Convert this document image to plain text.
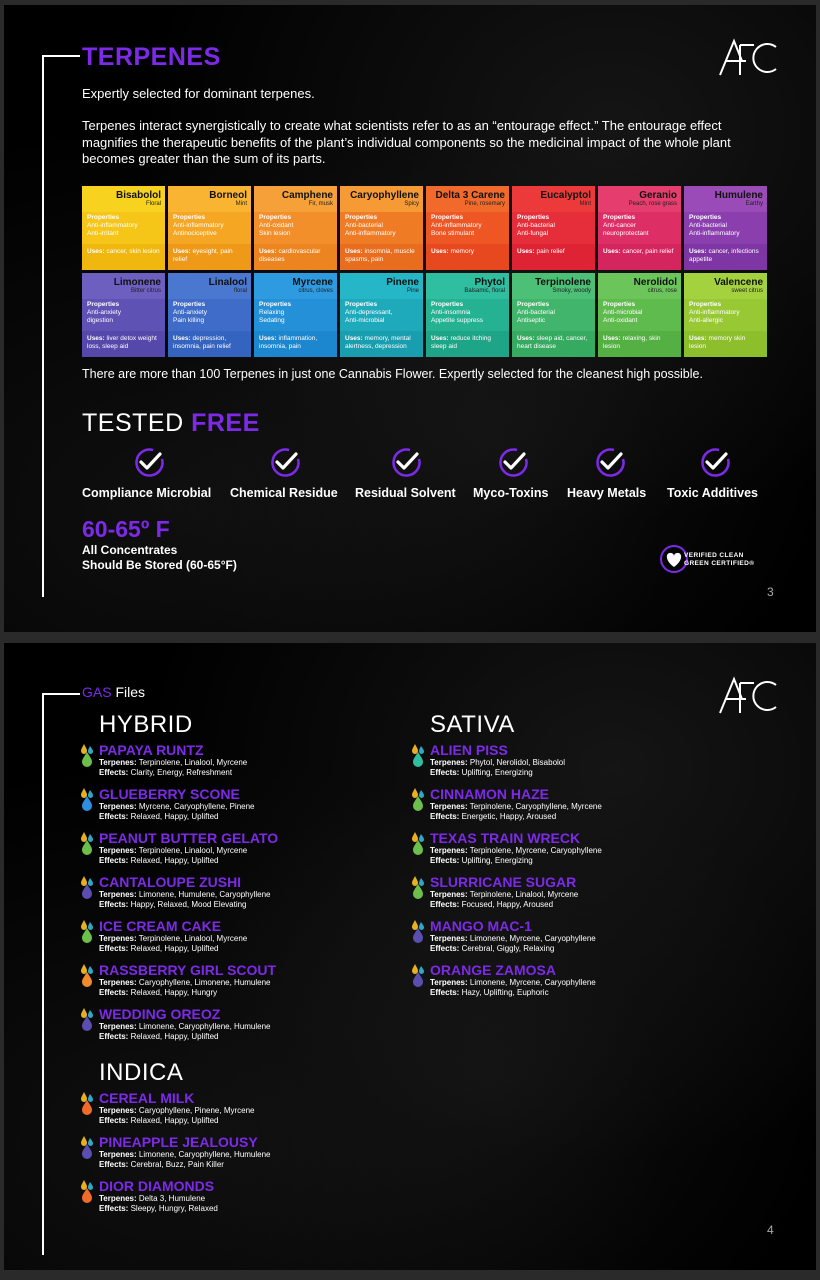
TERPENES
Expertly selected for dominant terpenes.
Terpenes interact synergistically to create what scientists refer to as an “entourage effect.” The entourage effect magnifies the therapeutic benefits of the plant’s individual components so the medicinal impact of the whole plant becomes greater than the sum of its parts.
Bisabolol
Floral
Properties
Anti-inflammatory
Anti-irritant
Uses: cancer, skin lesion
Borneol
Mint
Properties
Anti-inflammatory
Antinociceptive
Uses: eyesight, pain relief
Camphene
Fir, musk
Properties
Anti-oxidant
Skin lesion
Uses: cardiovascular diseases
Caryophyllene
Spicy
Properties
Anti-bacterial
Anti-inflammatory
Uses: insomnia, muscle spasms, pain
Delta 3 Carene
Pine, rosemary
Properties
Anti-inflammatory
Bone stimulant
Uses: memory
Eucalyptol
Mint
Properties
Anti-bacterial
Anti-fungal
Uses: pain relief
Geranio
Peach, rose grass
Properties
Anti-cancer
neuroprotectant
Uses: cancer, pain relief
Humulene
Earthy
Properties
Anti-bacterial
Anti-inflammatory
Uses: cancer, infections appetite
Limonene
Bitter citrus
Properties
Anti-anxiety
digestion
Uses: liver detox weight loss, sleep aid
Linalool
floral
Properties
Anti-anxiety
Pain killing
Uses: depression, insomnia, pain relief
Myrcene
citrus, cloves
Properties
Relaxing
Sedating
Uses: inflammation, insomnia, pain
Pinene
Pine
Properties
Anti-depressant,
Anti-microbial
Uses: memory, mental alertness, depression
Phytol
Balsamic, floral
Properties
Anti-insomnia
Appetite suppress
Uses: reduce itching sleep aid
Terpinolene
Smoky, woody
Properties
Anti-bacterial
Antiseptic
Uses: sleep aid, cancer, heart disease
Nerolidol
citrus, rose
Properties
Anti-microbial
Anti-oxidant
Uses: relaxing, skin lesion
Valencene
sweet citrus
Properties
Anti-inflammatory
Anti-allergic
Uses: memory skin lesion
There are more than 100 Terpenes in just one Cannabis Flower. Expertly selected for the cleanest high possible.
TESTED FREE
Compliance Microbial Chemical Residue Residual Solvent Myco-Toxins Heavy Metals Toxic Additives
60-65º F
All Concentrates
Should Be Stored (60-65°F)
VERIFIED CLEAN
GREEN CERTIFIED®
3
GAS Files
HYBRID	SATIVA
INDICA
PAPAYA RUNTZ
Terpenes: Terpinolene, Linalool, Myrcene
Effects: Clarity, Energy, Refreshment
GLUEBERRY SCONE
Terpenes: Myrcene, Caryophyllene, Pinene
Effects: Relaxed, Happy, Uplifted
PEANUT BUTTER GELATO
Terpenes: Terpinolene, Linalool, Myrcene
Effects: Relaxed, Happy, Uplifted
CANTALOUPE ZUSHI
Terpenes: Limonene, Humulene, Caryophyllene
Effects: Happy, Relaxed, Mood Elevating
ICE CREAM CAKE
Terpenes: Terpinolene, Linalool, Myrcene
Effects: Relaxed, Happy, Uplifted
RASSBERRY GIRL SCOUT
Terpenes: Caryophyllene, Limonene, Humulene
Effects: Relaxed, Happy, Hungry
WEDDING OREOZ
Terpenes: Limonene, Caryophyllene, Humulene
Effects: Relaxed, Happy, Uplifted
ALIEN PISS
Terpenes: Phytol, Nerolidol, Bisabolol
Effects: Uplifting, Energizing
CINNAMON HAZE
Terpenes: Terpinolene, Caryophyllene, Myrcene
Effects: Energetic, Happy, Aroused
TEXAS TRAIN WRECK
Terpenes: Terpinolene, Myrcene, Caryophyllene
Effects: Uplifting, Energizing
SLURRICANE SUGAR
Terpenes: Terpinolene, Linalool, Myrcene
Effects: Focused, Happy, Aroused
MANGO MAC-1
Terpenes: Limonene, Myrcene, Caryophyllene
Effects: Cerebral, Giggly, Relaxing
ORANGE ZAMOSA
Terpenes: Limonene, Myrcene, Caryophyllene
Effects: Hazy, Uplifting, Euphoric
CEREAL MILK
Terpenes: Caryophyllene, Pinene, Myrcene
Effects: Relaxed, Happy, Uplifted
PINEAPPLE JEALOUSY
Terpenes: Limonene, Caryophyllene, Humulene
Effects: Cerebral, Buzz, Pain Killer
DIOR DIAMONDS
Terpenes: Delta 3, Humulene
Effects: Sleepy, Hungry, Relaxed
4
